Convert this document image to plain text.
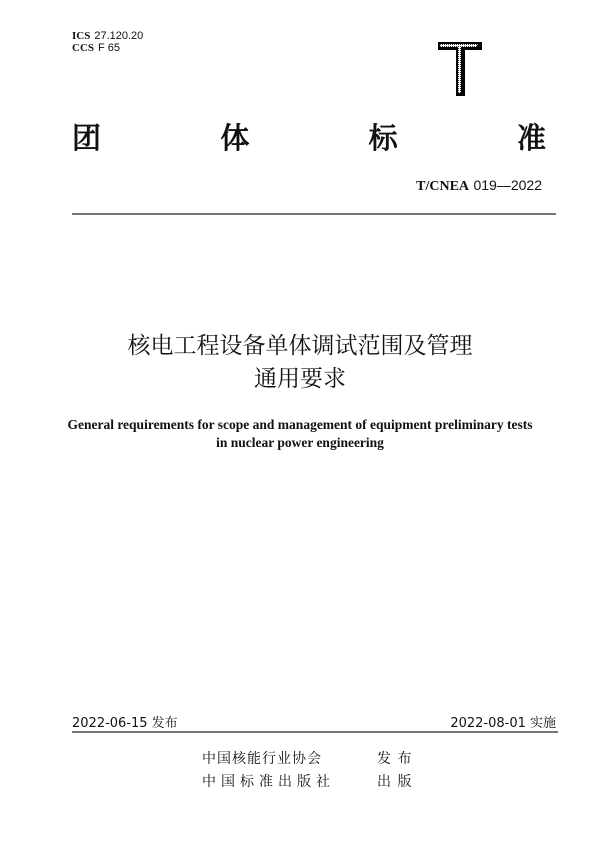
ICS 27.120.20
CCS F 65
团	体	标	准
T/CNEA 019—2022
核电工程设备单体调试范围及管理
通用要求
General requirements for scope and management of equipment preliminary tests
in nuclear power engineering
2022-06-15 发布	2022-08-01 实施
中国核能行业协会	发 布
中国标准出版社	出 版
